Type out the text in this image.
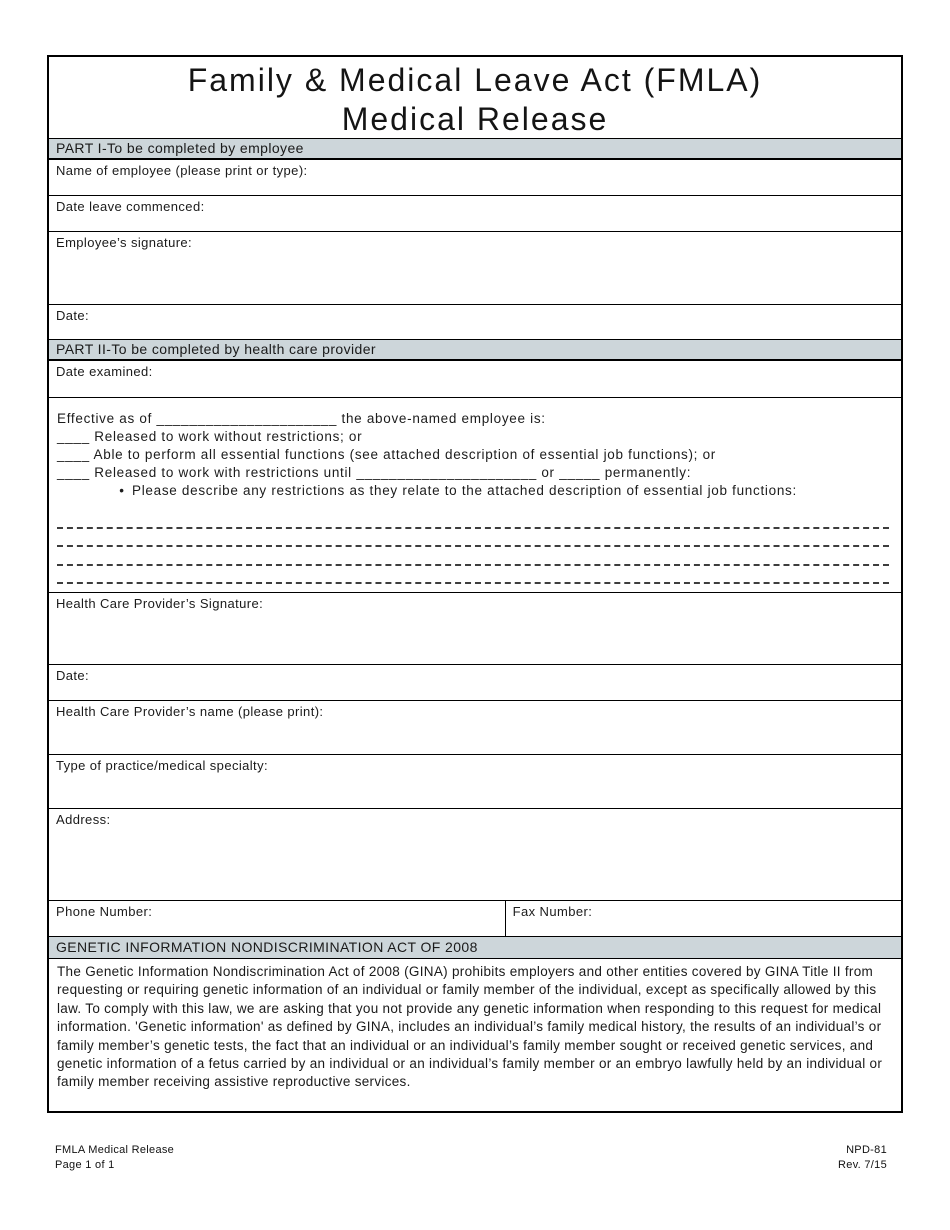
Family & Medical Leave Act (FMLA)
Medical Release
PART I-To be completed by employee
Name of employee (please print or type):
Date leave commenced:
Employee’s signature:
Date:
PART II-To be completed by health care provider
Date examined:

Effective as of ______________________ the above-named employee is:

____ Released to work without restrictions; or

____ Able to perform all essential functions (see attached description of essential job functions); or

____ Released to work with restrictions until ______________________ or _____ permanently:

• Please describe any restrictions as they relate to the attached description of essential job functions:
Health Care Provider’s Signature:
Date:
Health Care Provider’s name (please print):
Type of practice/medical specialty:
Address:
Phone Number:	Fax Number:
GENETIC INFORMATION NONDISCRIMINATION ACT OF 2008
The Genetic Information Nondiscrimination Act of 2008 (GINA) prohibits employers and other entities covered by GINA Title II from requesting or requiring genetic information of an individual or family member of the individual, except as specifically allowed by this law. To comply with this law, we are asking that you not provide any genetic information when responding to this request for medical information. 'Genetic information' as defined by GINA, includes an individual’s family medical history, the results of an individual’s or family member’s genetic tests, the fact that an individual or an individual’s family member sought or received genetic services, and genetic information of a fetus carried by an individual or an individual’s family member or an embryo lawfully held by an individual or family member receiving assistive reproductive services.
FMLA Medical Release
Page 1 of 1
NPD-81
Rev. 7/15
